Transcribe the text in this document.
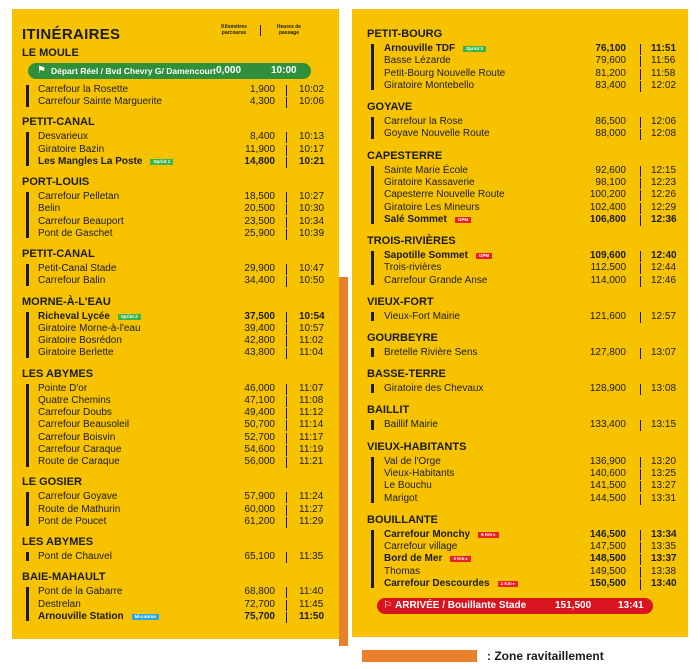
ITINÉRAIRES	Kilomètres parcourus
Heures de passage
LE MOULE
Carrefour la Rosette	1,900 10:02
Carrefour Sainte Marguerite	4,300 10:06
PETIT-CANAL
Desvarieux	8,400 10:13
Giratoire Bazin	11,900 10:17
Les Mangles La Poste Sprint 1	14,800 10:21
PORT-LOUIS
Carrefour Pelletan	18,500 10:27
Belin	20,500 10:30
Carrefour Beauport	23,500 10:34
Pont de Gaschet	25,900 10:39
PETIT-CANAL
Petit-Canal Stade	29,900 10:47
Carrefour Balin	34,400 10:50
MORNE-À-L'EAU
Richeval Lycée Sprint 2	37,500 10:54
Giratoire Morne-à-l'eau	39,400 10:57
Giratoire Bosrédon	42,800 11:02
Giratoire Berlette	43,800 11:04
LES ABYMES
Pointe D'or	46,000 11:07
Quatre Chemins	47,100 11:08
Carrefour Doubs	49,400 11:12
Carrefour Beausoleil	50,700 11:14
Carrefour Boisvin	52,700 11:17
Carrefour Caraque	54,600 11:19
Route de Caraque	56,000 11:21
LE GOSIER
Carrefour Goyave	57,900 11:24
Route de Mathurin	60,000 11:27
Pont de Poucet	61,200 11:29
LES ABYMES
Pont de Chauvel	65,100 11:35
BAIE-MAHAULT
Pont de la Gabarre	68,800 11:40
Destrelan	72,700 11:45
Arnouville Station Mi-course	75,700 11:50
⚑ Départ Réel / Bvd Chevry G/ Damencourt 0,000	10:00
PETIT-BOURG
Arnouville TDF Sprint 3	76,100	11:51
Basse Lézarde	79,600	11:56
Petit-Bourg Nouvelle Route	81,200	11:58
Giratoire Montebello	83,400	12:02
GOYAVE
Carrefour la Rose	86,500	12:06
Goyave Nouvelle Route	88,000	12:08
CAPESTERRE
Sainte Marie École	92,600	12:15
Giratoire Kassaverie	98,100	12:23
Capesterre Nouvelle Route	100,200	12:26
Giratoire Les Mineurs	102,400	12:29
Salé Sommet GPM	106,800	12:36
TROIS-RIVIÈRES
Sapotille Sommet GPM	109,600	12:40
Trois-rivières	112,500	12:44
Carrefour Grande Anse	114,000	12:46
VIEUX-FORT
Vieux-Fort Mairie	121,600	12:57
GOURBEYRE
Bretelle Rivière Sens	127,800	13:07
BASSE-TERRE
Giratoire des Chevaux	128,900	13:08
BAILLIT
Baillif Mairie	133,400	13:15
VIEUX-HABITANTS
Val de l'Orge	136,900	13:20
Vieux-Habitants	140,600	13:25
Le Bouchu	141,500	13:27
Marigot	144,500	13:31
BOUILLANTE
Carrefour Monchy 5 Km ▸	146,500	13:34
Carrefour village	147,500	13:35
Bord de Mer 3 Km ▸	148,500	13:37
Thomas	149,500	13:38
Carrefour Descourdes 1 Km ▸	150,500	13:40
⚐ ARRIVÉE / Bouillante Stade	151,500	13:41
: Zone ravitaillement
